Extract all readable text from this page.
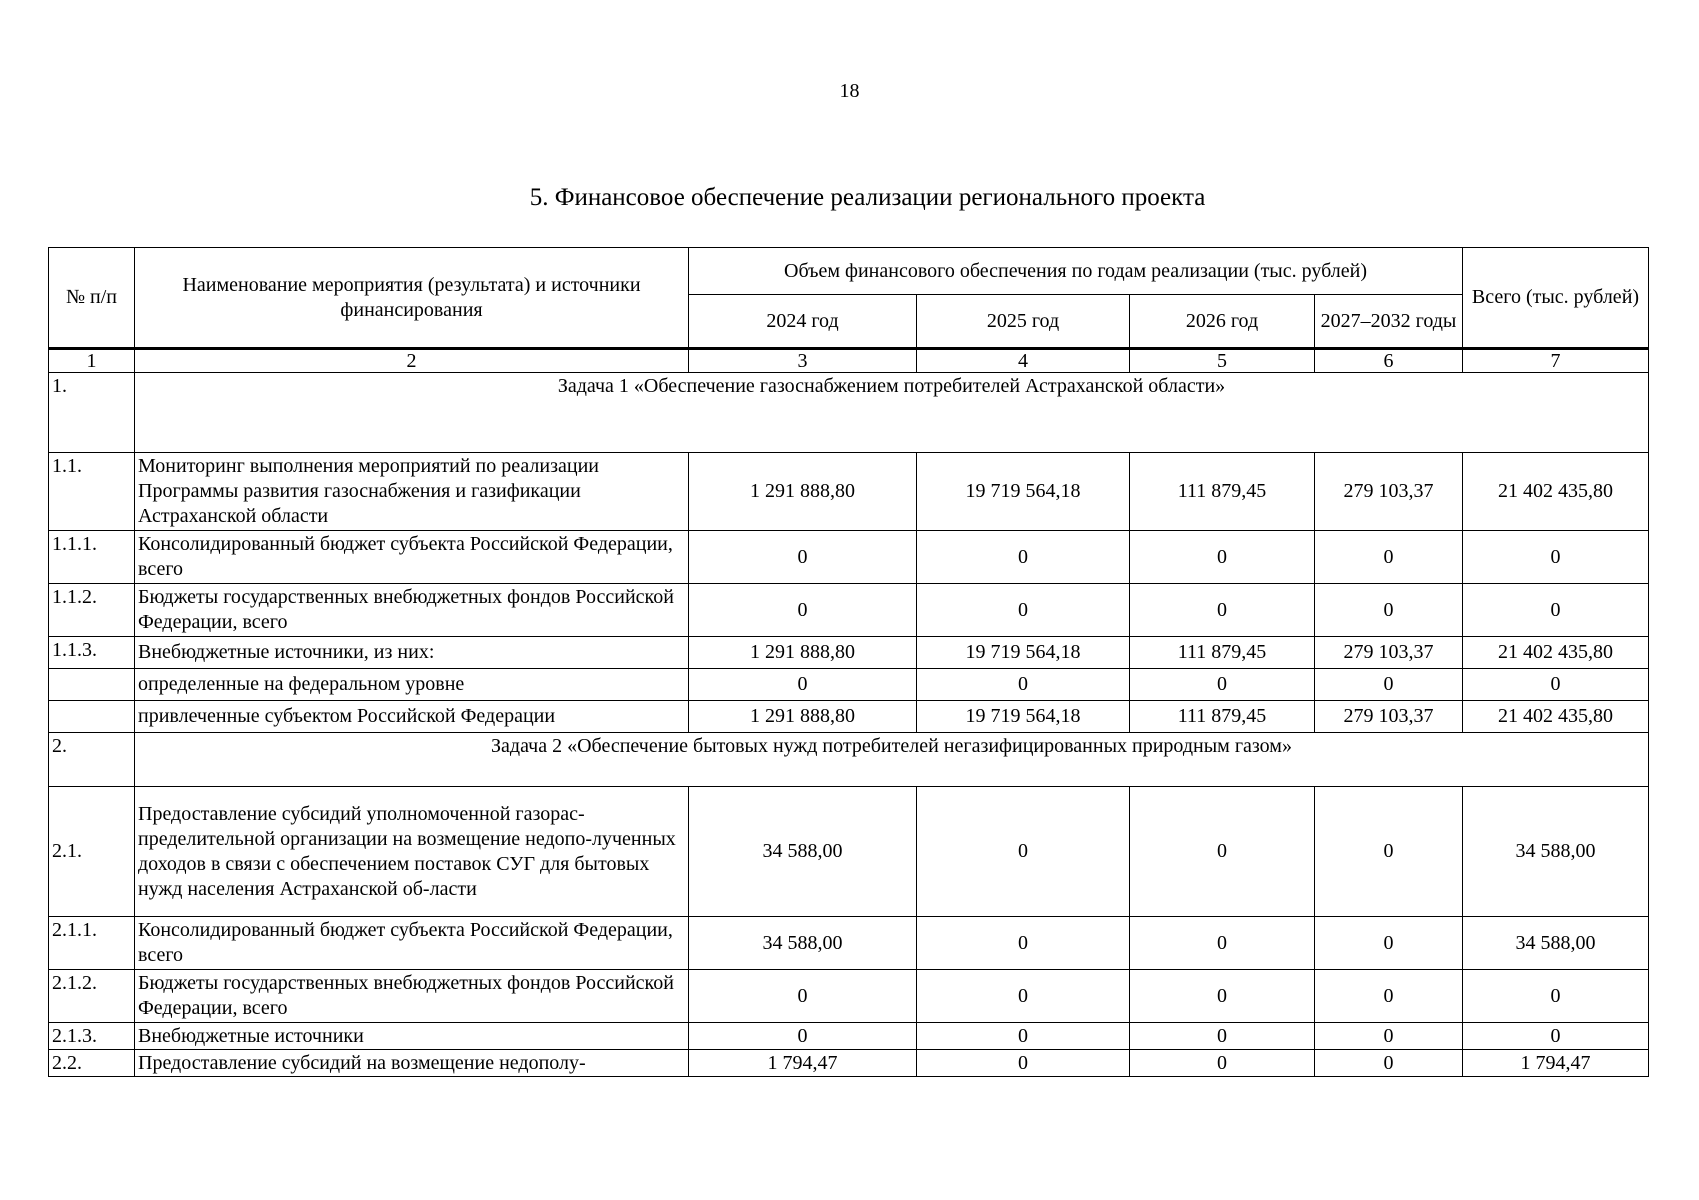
18
5. Финансовое обеспечение реализации регионального проекта
№ п/п	Наименование мероприятия (результата) и источники финансирования	Объем финансового обеспечения по годам реализации (тыс. рублей)				Всего (тыс. рублей)
		2024 год	2025 год	2026 год	2027–2032 годы	
1	2	3	4	5	6	7
1.	Задача 1 «Обеспечение газоснабжением потребителей Астраханской области»					
1.1.	Мониторинг выполнения мероприятий по реализации Программы развития газоснабжения и газификации Астраханской области	1 291 888,80	19 719 564,18	111 879,45	279 103,37	21 402 435,80
1.1.1.	Консолидированный бюджет субъекта Российской Федерации, всего	0	0	0	0	0
1.1.2.	Бюджеты государственных внебюджетных фондов Российской Федерации, всего	0	0	0	0	0
1.1.3.	Внебюджетные источники, из них:	1 291 888,80	19 719 564,18	111 879,45	279 103,37	21 402 435,80
	определенные на федеральном уровне	0	0	0	0	0
	привлеченные субъектом Российской Федерации	1 291 888,80	19 719 564,18	111 879,45	279 103,37	21 402 435,80
2.	Задача 2 «Обеспечение бытовых нужд потребителей негазифицированных природным газом»					
2.1.	Предоставление субсидий уполномоченной газорас-пределительной организации на возмещение недопо-лученных доходов в связи с обеспечением поставок СУГ для бытовых нужд населения Астраханской об-ласти	34 588,00	0	0	0	34 588,00
2.1.1.	Консолидированный бюджет субъекта Российской Федерации, всего	34 588,00	0	0	0	34 588,00
2.1.2.	Бюджеты государственных внебюджетных фондов Российской Федерации, всего	0	0	0	0	0
2.1.3.	Внебюджетные источники	0	0	0	0	0
2.2.	Предоставление субсидий на возмещение недополу-	1 794,47	0	0	0	1 794,47
